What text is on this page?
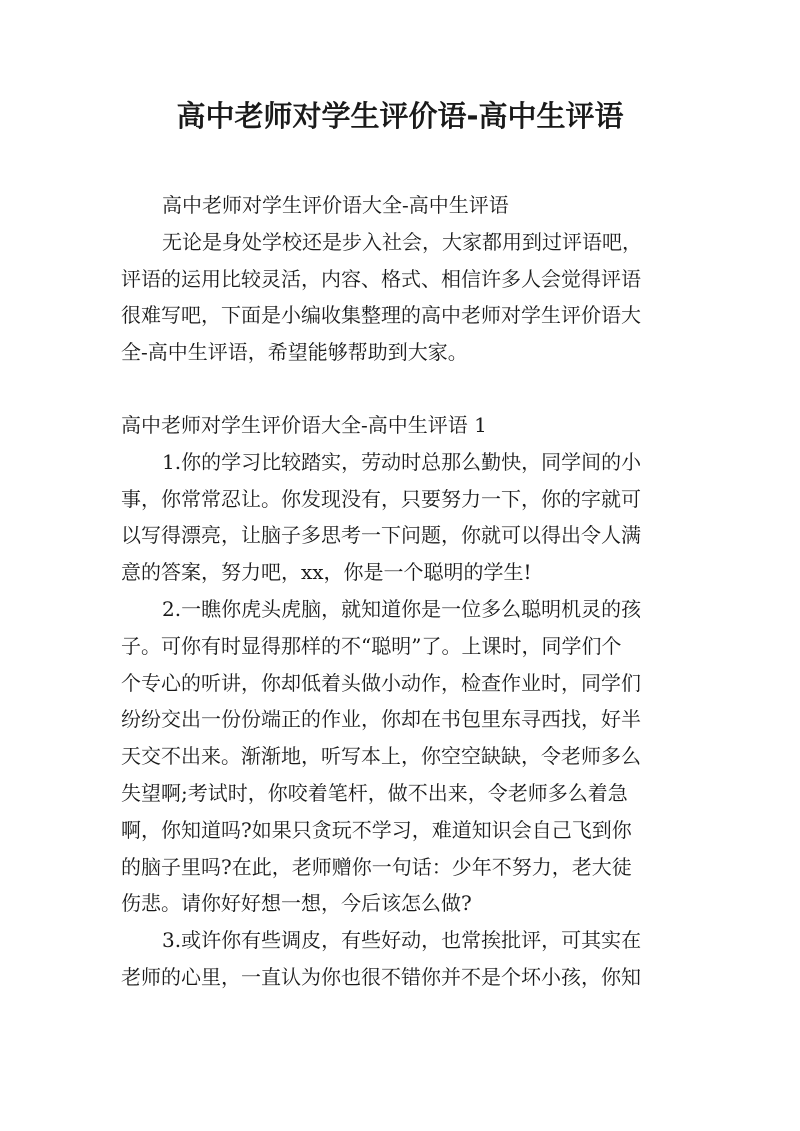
高中老师对学生评价语-高中生评语
高中老师对学生评价语大全-高中生评语
无论是身处学校还是步入社会，大家都用到过评语吧，
评语的运用比较灵活，内容、格式、相信许多人会觉得评语
很难写吧，下面是小编收集整理的高中老师对学生评价语大
全-高中生评语，希望能够帮助到大家。
高中老师对学生评价语大全-高中生评语 1
1.你的学习比较踏实，劳动时总那么勤快，同学间的小
事，你常常忍让。你发现没有，只要努力一下，你的字就可
以写得漂亮，让脑子多思考一下问题，你就可以得出令人满
意的答案，努力吧，xx，你是一个聪明的学生!
2.一瞧你虎头虎脑，就知道你是一位多么聪明机灵的孩
子。可你有时显得那样的不“聪明”了。上课时，同学们个
个专心的听讲，你却低着头做小动作，检查作业时，同学们
纷纷交出一份份端正的作业，你却在书包里东寻西找，好半
天交不出来。渐渐地，听写本上，你空空缺缺，令老师多么
失望啊;考试时，你咬着笔杆，做不出来，令老师多么着急
啊，你知道吗?如果只贪玩不学习，难道知识会自己飞到你
的脑子里吗?在此，老师赠你一句话：少年不努力，老大徒
伤悲。请你好好想一想，今后该怎么做?
3.或许你有些调皮，有些好动，也常挨批评，可其实在
老师的心里，一直认为你也很不错你并不是个坏小孩，你知
